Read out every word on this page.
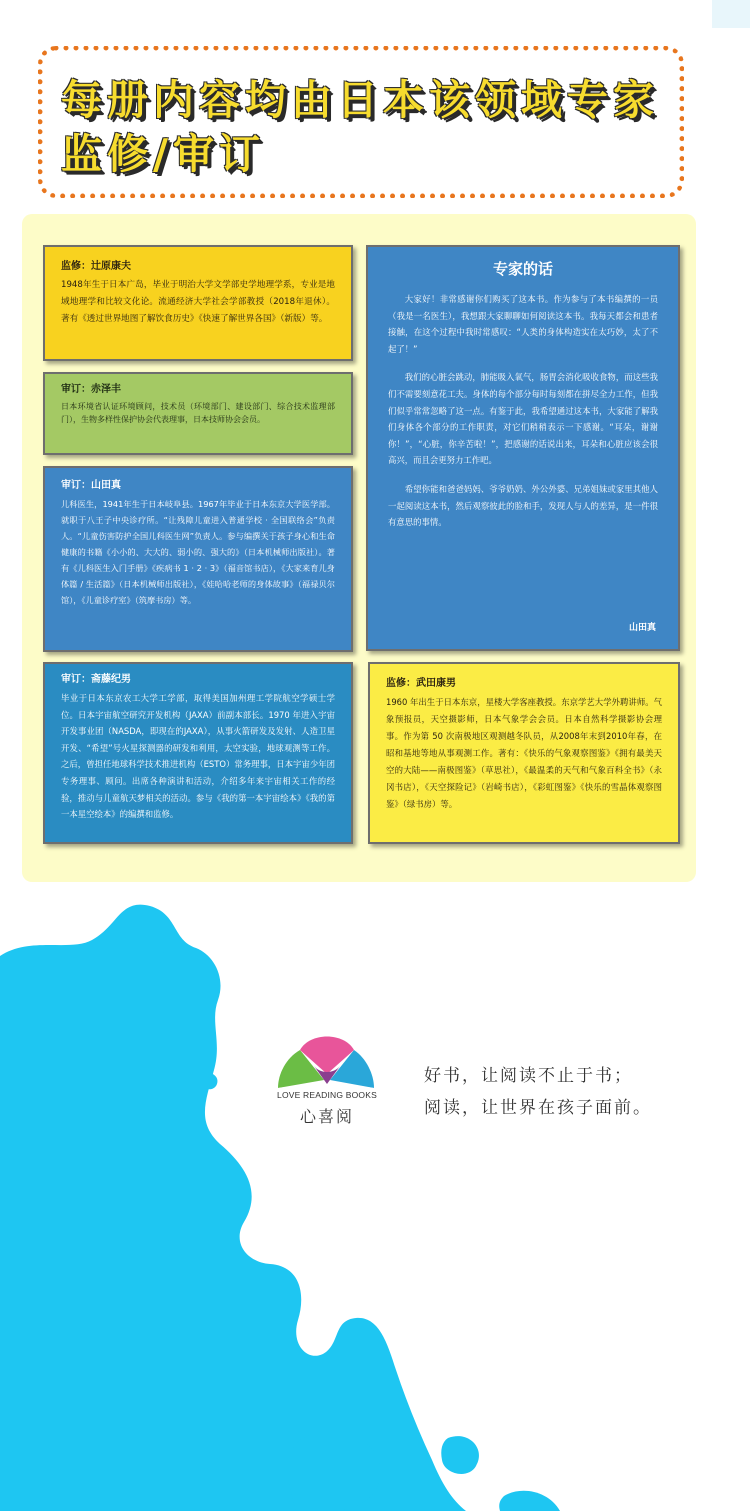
每册内容均由日本该领域专家监修/审订
监修：辻原康夫
1948年生于日本广岛，毕业于明治大学文学部史学地理学系，专业是地域地理学和比较文化论。流通经济大学社会学部教授（2018年退休）。著有《透过世界地图了解饮食历史》《快速了解世界各国》（新版）等。
审订：赤泽丰
日本环境省认证环境顾问，技术员（环境部门、建设部门、综合技术监理部门），生物多样性保护协会代表理事，日本技师协会会员。
审订：山田真
儿科医生，1941年生于日本岐阜县。1967年毕业于日本东京大学医学部。就职于八王子中央诊疗所。“让残障儿童进入普通学校 · 全国联络会”负责人。“儿童伤害防护全国儿科医生网”负责人。参与编撰关于孩子身心和生命健康的书籍《小小的、大大的、弱小的、强大的》（日本机械师出版社）。著有《儿科医生入门手册》《疾病书 1 · 2 · 3》（福音馆书店），《大家来育儿身体篇 / 生活篇》（日本机械师出版社），《娃哈哈老师的身体故事》（福禄贝尔馆），《儿童诊疗室》（筑摩书房）等。
审订：斋藤纪男
毕业于日本东京农工大学工学部，取得美国加州理工学院航空学硕士学位。日本宇宙航空研究开发机构（JAXA）前副本部长。1970 年进入宇宙开发事业团（NASDA，即现在的JAXA），从事火箭研发及发射、人造卫星开发、“希望”号火星探测器的研发和利用，太空实验，地球观测等工作。之后，曾担任地球科学技术推进机构（ESTO）常务理事，日本宇宙少年团专务理事、顾问。出席各种演讲和活动，介绍多年来宇宙相关工作的经验，推动与儿童航天梦相关的活动。参与《我的第一本宇宙绘本》《我的第一本星空绘本》的编撰和监修。
专家的话
大家好！非常感谢你们购买了这本书。作为参与了本书编撰的一员（我是一名医生），我想跟大家聊聊如何阅读这本书。我每天都会和患者接触，在这个过程中我时常感叹：“人类的身体构造实在太巧妙，太了不起了！”
我们的心脏会跳动，肺能吸入氧气，肠胃会消化吸收食物，而这些我们不需要刻意花工夫。身体的每个部分每时每刻都在拼尽全力工作，但我们似乎常常忽略了这一点。有鉴于此，我希望通过这本书，大家能了解我们身体各个部分的工作职责，对它们稍稍表示一下感谢。“耳朵，谢谢你！”，“心脏，你辛苦啦！”，把感谢的话说出来，耳朵和心脏应该会很高兴，而且会更努力工作吧。
希望你能和爸爸妈妈、爷爷奶奶、外公外婆、兄弟姐妹或家里其他人一起阅读这本书，然后观察彼此的脸和手，发现人与人的差异，是一件很有意思的事情。
山田真
监修：武田康男
1960 年出生于日本东京，星楼大学客座教授。东京学艺大学外聘讲师。气象预报员，天空摄影师，日本气象学会会员。日本自然科学摄影协会理事。作为第 50 次南极地区观测越冬队员，从2008年末到2010年春，在昭和基地等地从事观测工作。著有：《快乐的气象观察图鉴》《拥有最美天空的大陆——南极图鉴》（草思社），《最温柔的天气和气象百科全书》（永冈书店），《天空探险记》（岩崎书店），《彩虹图鉴》《快乐的雪晶体观察图鉴》（绿书房）等。
LOVE READING BOOKS
心喜阅
好书，让阅读不止于书；
阅读，让世界在孩子面前。
